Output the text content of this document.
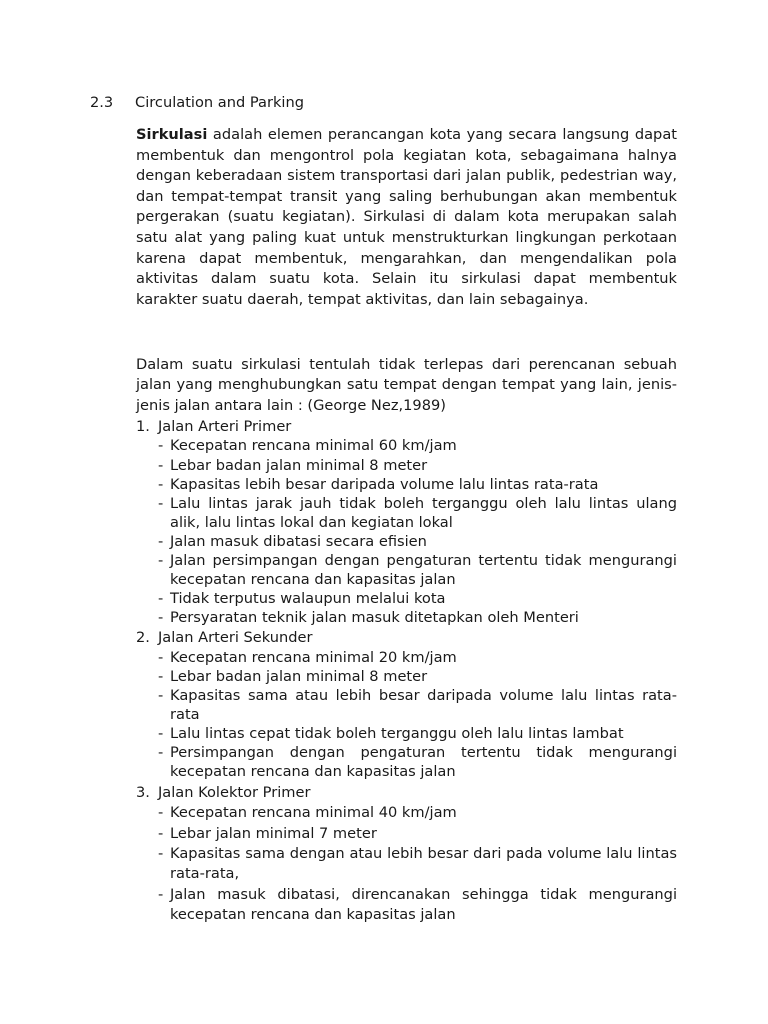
2.3 Circulation and Parking

Sirkulasi adalah elemen perancangan kota yang secara langsung dapat membentuk dan mengontrol pola kegiatan kota, sebagaimana halnya dengan keberadaan sistem transportasi dari jalan publik, pedestrian way, dan tempat-tempat transit yang saling berhubungan akan membentuk pergerakan (suatu kegiatan). Sirkulasi di dalam kota merupakan salah satu alat yang paling kuat untuk menstrukturkan lingkungan perkotaan karena dapat membentuk, mengarahkan, dan mengendalikan pola aktivitas dalam suatu kota. Selain itu sirkulasi dapat membentuk karakter suatu daerah, tempat aktivitas, dan lain sebagainya.

Dalam suatu sirkulasi tentulah tidak terlepas dari perencanan sebuah jalan yang menghubungkan satu tempat dengan tempat yang lain, jenis-jenis jalan antara lain : (George Nez,1989)

1. Jalan Arteri Primer
- Kecepatan rencana minimal 60 km/jam
- Lebar badan jalan minimal 8 meter
- Kapasitas lebih besar daripada volume lalu lintas rata-rata
- Lalu lintas jarak jauh tidak boleh terganggu oleh lalu lintas ulang alik, lalu lintas lokal dan kegiatan lokal
- Jalan masuk dibatasi secara efisien
- Jalan persimpangan dengan pengaturan tertentu tidak mengurangi kecepatan rencana dan kapasitas jalan
- Tidak terputus walaupun melalui kota
- Persyaratan teknik jalan masuk ditetapkan oleh Menteri
2. Jalan Arteri Sekunder
- Kecepatan rencana minimal 20 km/jam
- Lebar badan jalan minimal 8 meter
- Kapasitas sama atau lebih besar daripada volume lalu lintas rata-rata
- Lalu lintas cepat tidak boleh terganggu oleh lalu lintas lambat
- Persimpangan dengan pengaturan tertentu tidak mengurangi kecepatan rencana dan kapasitas jalan
3. Jalan Kolektor Primer
- Kecepatan rencana minimal 40 km/jam
- Lebar jalan minimal 7 meter
- Kapasitas sama dengan atau lebih besar dari pada volume lalu lintas rata-rata,
- Jalan masuk dibatasi, direncanakan sehingga tidak mengurangi kecepatan rencana dan kapasitas jalan
